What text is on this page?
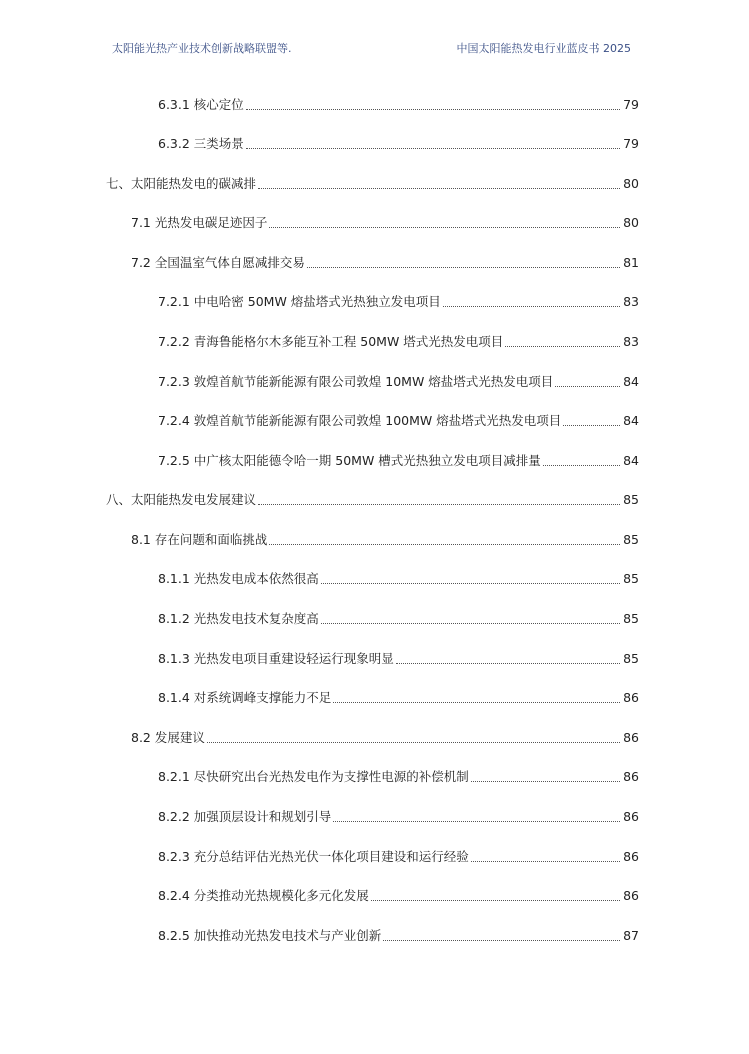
太阳能光热产业技术创新战略联盟等.	中国太阳能热发电行业蓝皮书 2025
6.3.1 核心定位	79
6.3.2 三类场景	79
七、太阳能热发电的碳减排	80
7.1 光热发电碳足迹因子	80
7.2 全国温室气体自愿减排交易	81
7.2.1 中电哈密 50MW 熔盐塔式光热独立发电项目	83
7.2.2 青海鲁能格尔木多能互补工程 50MW 塔式光热发电项目	83
7.2.3 敦煌首航节能新能源有限公司敦煌 10MW 熔盐塔式光热发电项目	84
7.2.4 敦煌首航节能新能源有限公司敦煌 100MW 熔盐塔式光热发电项目	84
7.2.5 中广核太阳能德令哈一期 50MW 槽式光热独立发电项目减排量	84
八、太阳能热发电发展建议	85
8.1 存在问题和面临挑战	85
8.1.1 光热发电成本依然很高	85
8.1.2 光热发电技术复杂度高	85
8.1.3 光热发电项目重建设轻运行现象明显	85
8.1.4 对系统调峰支撑能力不足	86
8.2 发展建议	86
8.2.1 尽快研究出台光热发电作为支撑性电源的补偿机制	86
8.2.2 加强顶层设计和规划引导	86
8.2.3 充分总结评估光热光伏一体化项目建设和运行经验	86
8.2.4 分类推动光热规模化多元化发展	86
8.2.5 加快推动光热发电技术与产业创新	87
